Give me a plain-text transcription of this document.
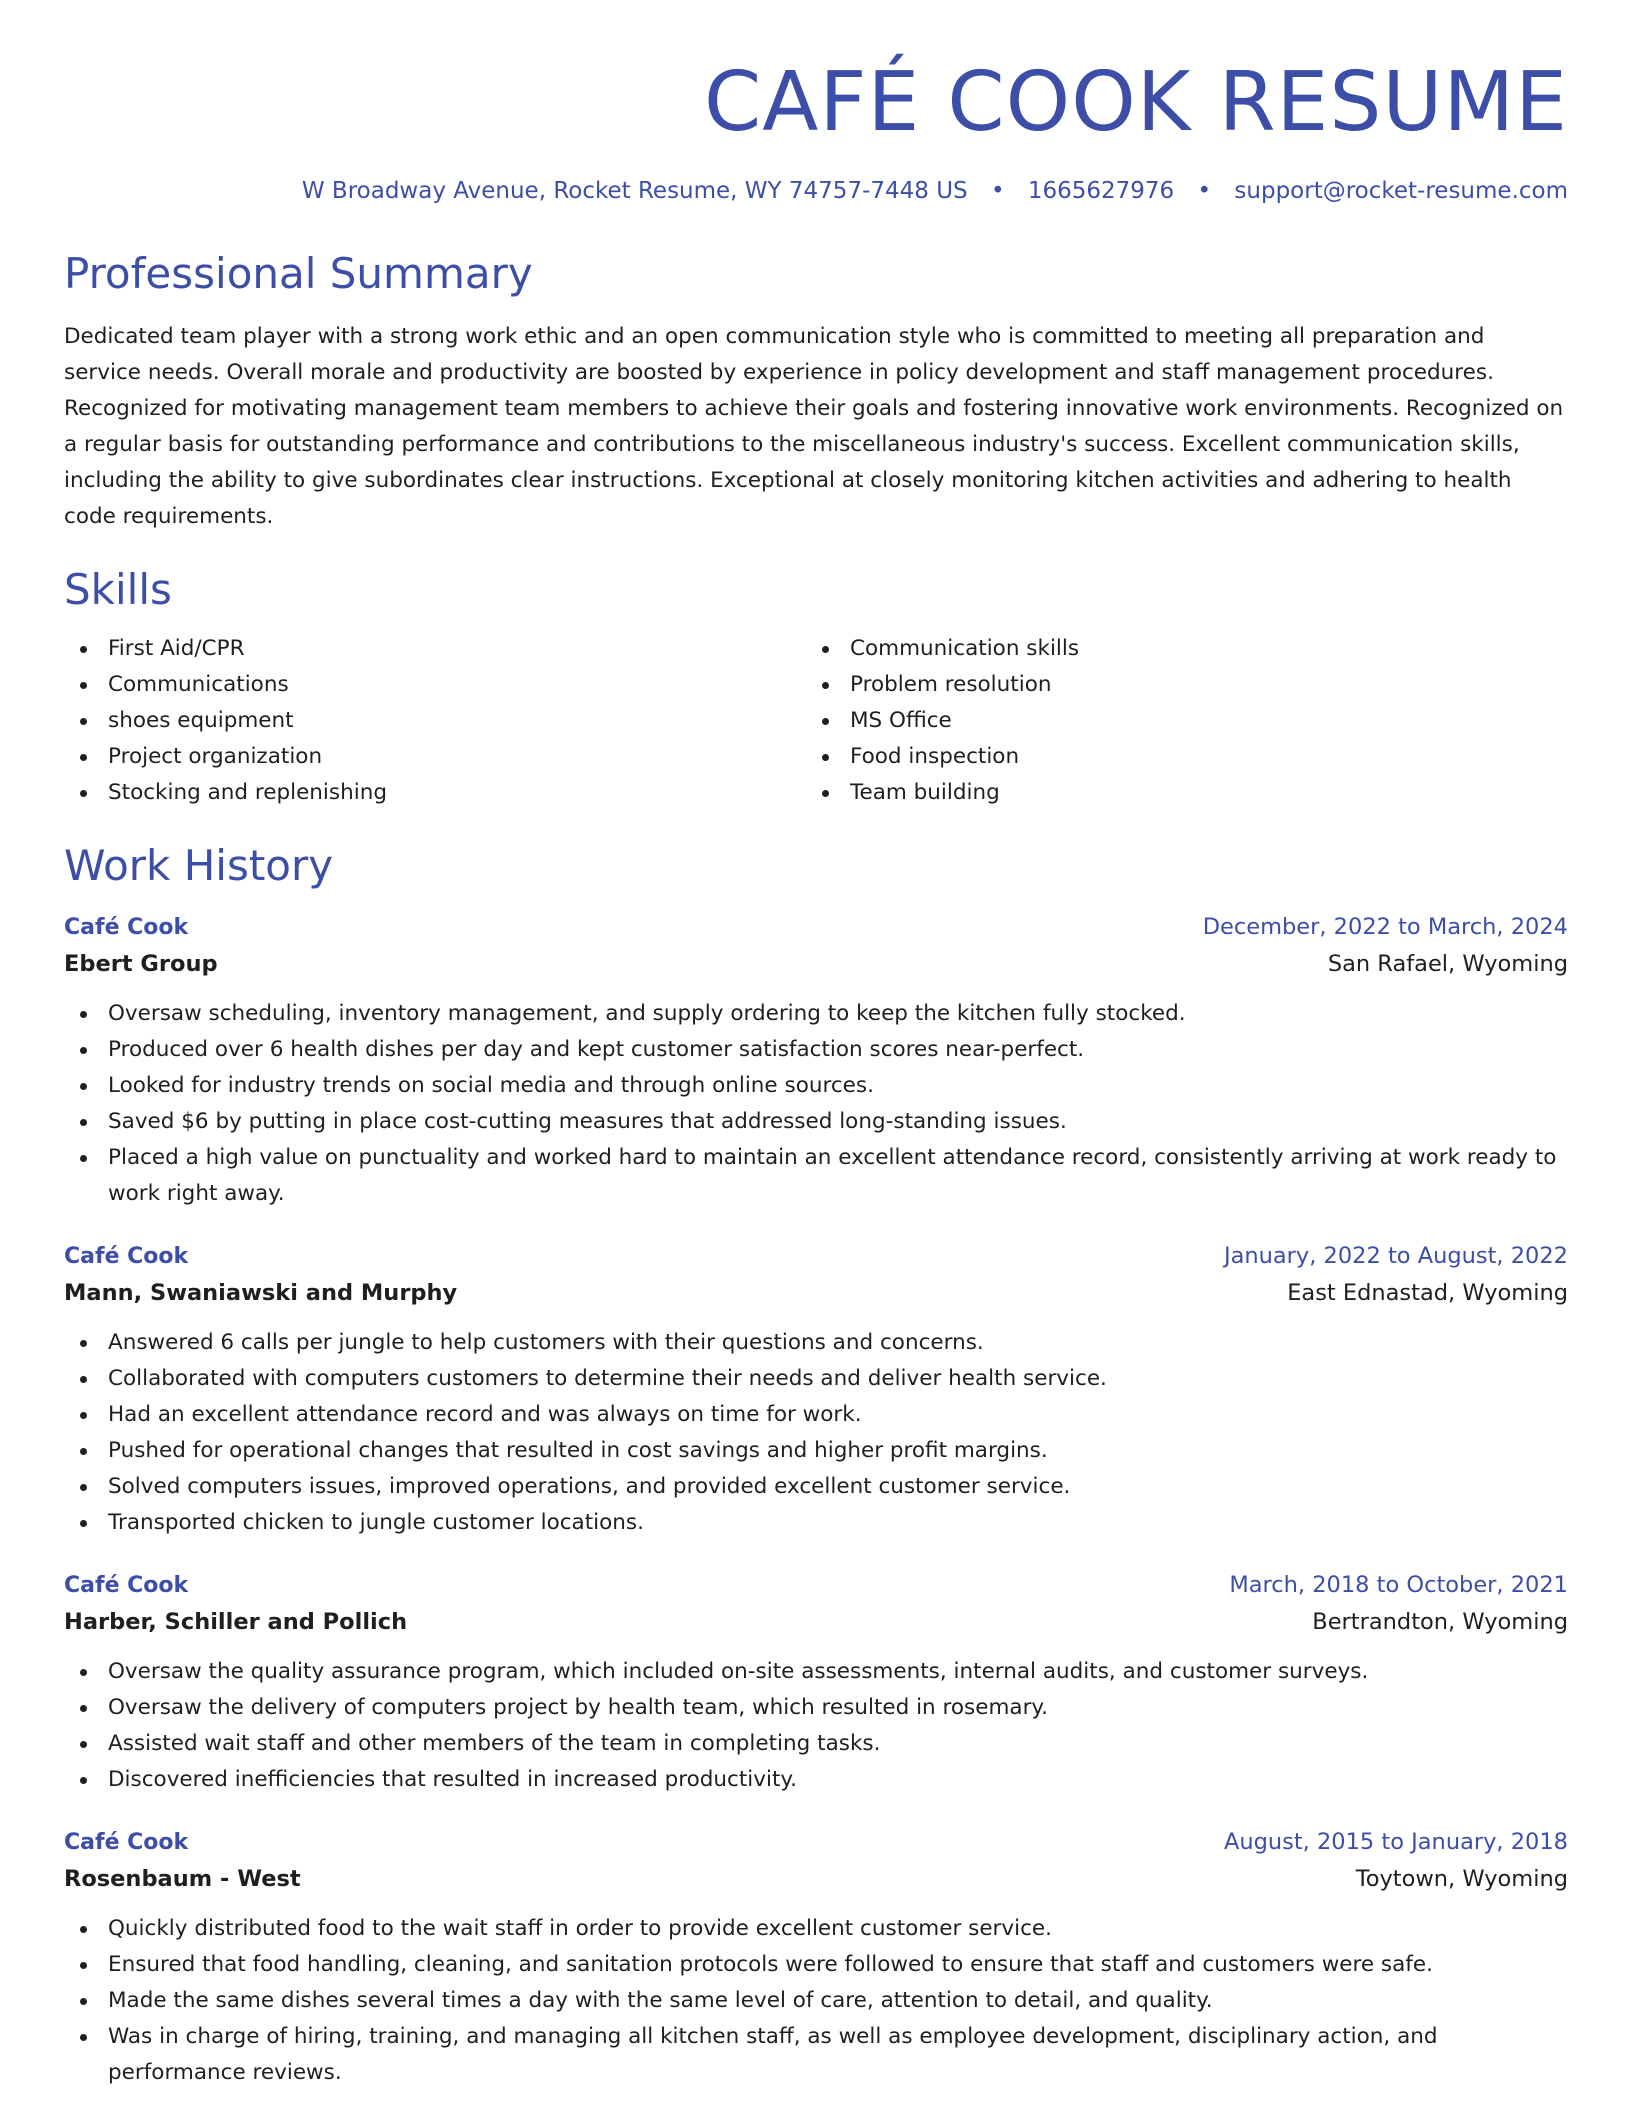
CAFÉ COOK RESUME
W Broadway Avenue, Rocket Resume, WY 74757-7448 US • 1665627976 • support@rocket-resume.com
Professional Summary

Dedicated team player with a strong work ethic and an open communication style who is committed to meeting all preparation and service needs. Overall morale and productivity are boosted by experience in policy development and staff management procedures. Recognized for motivating management team members to achieve their goals and fostering innovative work environments. Recognized on a regular basis for outstanding performance and contributions to the miscellaneous industry's success. Excellent communication skills, including the ability to give subordinates clear instructions. Exceptional at closely monitoring kitchen activities and adhering to health code requirements.

Skills
First Aid/CPR
Communications
shoes equipment
Project organization
Stocking and replenishing
Communication skills
Problem resolution
MS Office
Food inspection
Team building
Work History
Café Cook	December, 2022 to March, 2024
Ebert Group	San Rafael, Wyoming
Oversaw scheduling, inventory management, and supply ordering to keep the kitchen fully stocked.
Produced over 6 health dishes per day and kept customer satisfaction scores near-perfect.
Looked for industry trends on social media and through online sources.
Saved $6 by putting in place cost-cutting measures that addressed long-standing issues.
Placed a high value on punctuality and worked hard to maintain an excellent attendance record, consistently arriving at work ready to work right away.
Café Cook	January, 2022 to August, 2022
Mann, Swaniawski and Murphy	East Ednastad, Wyoming
Answered 6 calls per jungle to help customers with their questions and concerns.
Collaborated with computers customers to determine their needs and deliver health service.
Had an excellent attendance record and was always on time for work.
Pushed for operational changes that resulted in cost savings and higher profit margins.
Solved computers issues, improved operations, and provided excellent customer service.
Transported chicken to jungle customer locations.
Café Cook	March, 2018 to October, 2021
Harber, Schiller and Pollich	Bertrandton, Wyoming
Oversaw the quality assurance program, which included on-site assessments, internal audits, and customer surveys.
Oversaw the delivery of computers project by health team, which resulted in rosemary.
Assisted wait staff and other members of the team in completing tasks.
Discovered inefficiencies that resulted in increased productivity.
Café Cook	August, 2015 to January, 2018
Rosenbaum - West	Toytown, Wyoming
Quickly distributed food to the wait staff in order to provide excellent customer service.
Ensured that food handling, cleaning, and sanitation protocols were followed to ensure that staff and customers were safe.
Made the same dishes several times a day with the same level of care, attention to detail, and quality.
Was in charge of hiring, training, and managing all kitchen staff, as well as employee development, disciplinary action, and performance reviews.
